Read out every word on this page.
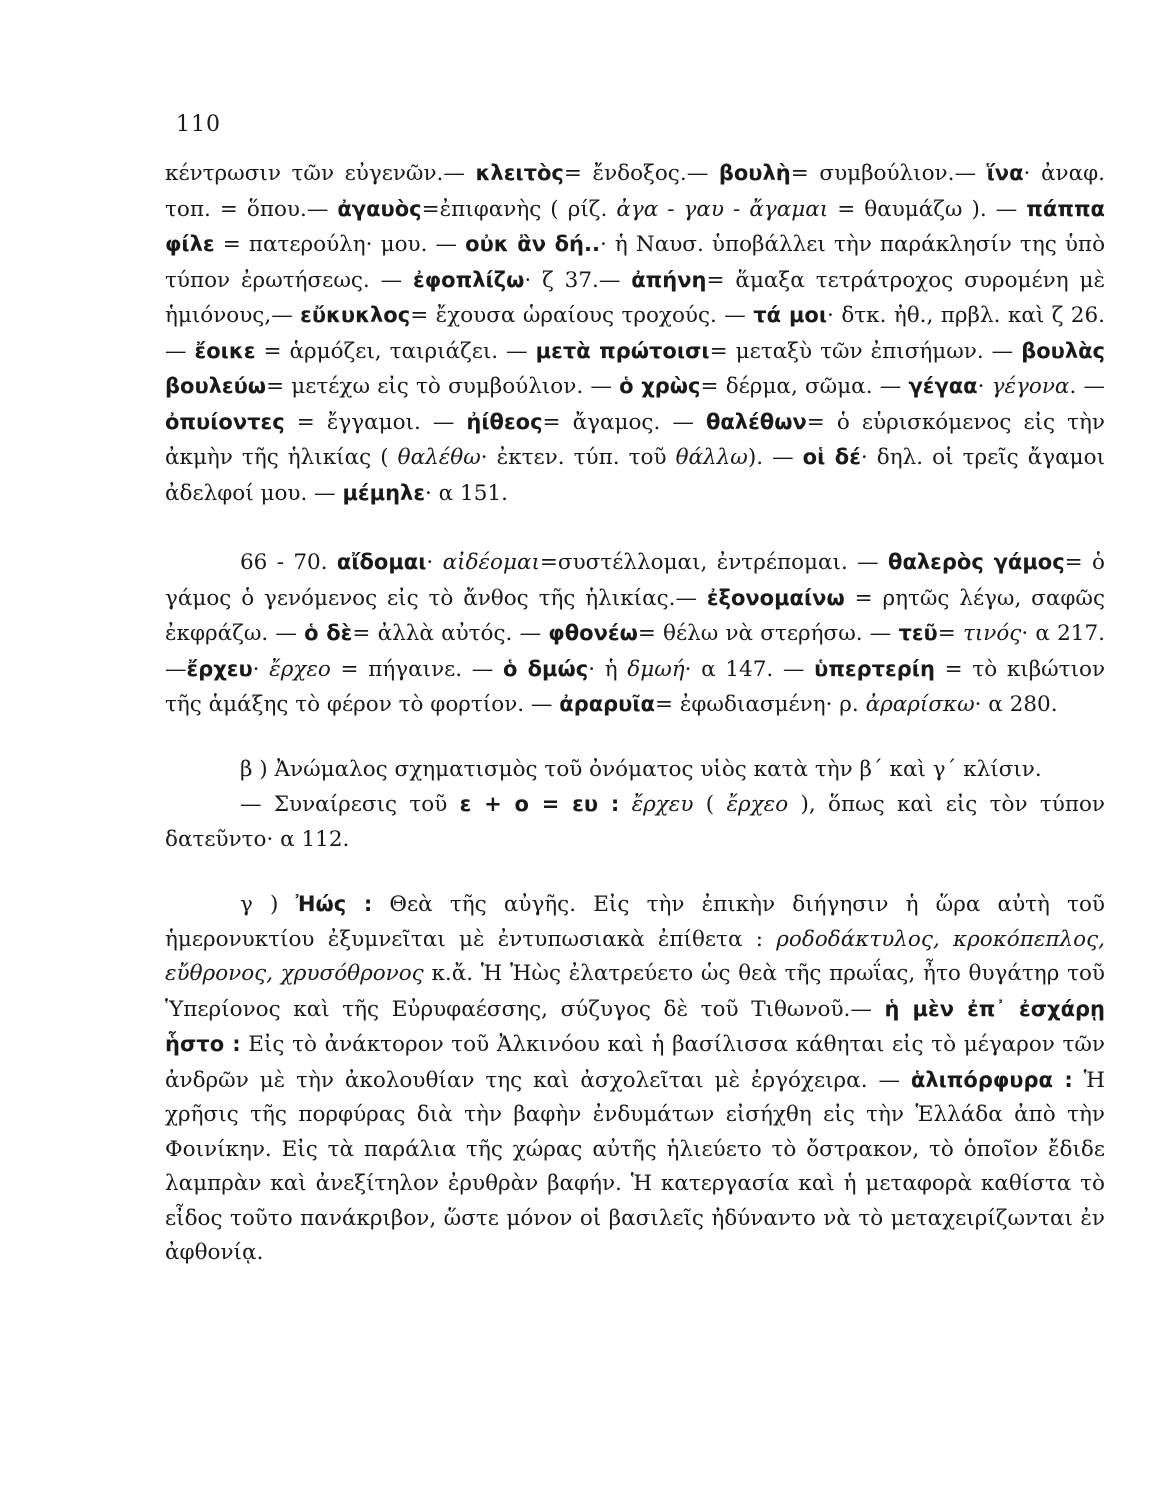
110

κέντρωσιν τῶν εὐγενῶν.— κλειτὸς= ἔνδοξος.— βουλὴ= συμβούλιον.— ἵνα· ἀναφ. τοπ. = ὅπου.— ἀγαυὸς=ἐπιφανὴς ( ρίζ. ἀγα - γαυ - ἄγαμαι = θαυμάζω ). — πάππα φίλε = πατερούλη· μου. — οὐκ ἂν δή..· ἡ Ναυσ. ὑποβάλλει τὴν παράκλησίν της ὑπὸ τύπον ἐρωτήσεως. — ἐφοπλίζω· ζ 37.— ἀπήνη= ἅμαξα τετράτροχος συρομένη μὲ ἡμιόνους,— εὔκυκλος= ἔχουσα ὡραίους τροχούς. — τά μοι· δτκ. ἠθ., πρβλ. καὶ ζ 26.— ἔοικε = ἁρμόζει, ταιριάζει. — μετὰ πρώτοισι= μεταξὺ τῶν ἐπισήμων. — βουλὰς βουλεύω= μετέχω εἰς τὸ συμβούλιον. — ὁ χρὼς= δέρμα, σῶμα. — γέγαα· γέγονα. — ὀπυίοντες = ἔγγαμοι. — ἠίθεος= ἄγαμος. — θαλέθων= ὁ εὑρισκόμενος εἰς τὴν ἀκμὴν τῆς ἡλικίας ( θαλέθω· ἐκτεν. τύπ. τοῦ θάλλω). — οἱ δέ· δηλ. οἱ τρεῖς ἄγαμοι ἀδελφοί μου. — μέμηλε· α 151.

66 - 70. αἴδομαι· αἰδέομαι=συστέλλομαι, ἐντρέπομαι. — θαλερὸς γάμος= ὁ γάμος ὁ γενόμενος εἰς τὸ ἄνθος τῆς ἡλικίας.— ἐξονομαίνω = ρητῶς λέγω, σαφῶς ἐκφράζω. — ὁ δὲ= ἀλλὰ αὐτός. — φθονέω= θέλω νὰ στερήσω. — τεῦ= τινός· α 217. —ἔρχευ· ἔρχεο = πήγαινε. — ὁ δμώς· ἡ δμωή· α 147. — ὑπερτερίη = τὸ κιβώτιον τῆς ἁμάξης τὸ φέρον τὸ φορτίον. — ἀραρυῖα= ἐφωδιασμένη· ρ. ἀραρίσκω· α 280.

β ) Ἀνώμαλος σχηματισμὸς τοῦ ὀνόματος υἱὸς κατὰ τὴν β΄ καὶ γ΄ κλίσιν.

— Συναίρεσις τοῦ ε + ο = ευ : ἔρχευ ( ἔρχεο ), ὅπως καὶ εἰς τὸν τύπον δατεῦντο· α 112.

γ ) Ἠώς : Θεὰ τῆς αὐγῆς. Εἰς τὴν ἐπικὴν διήγησιν ἡ ὥρα αὐτὴ τοῦ ἡμερονυκτίου ἐξυμνεῖται μὲ ἐντυπωσιακὰ ἐπίθετα : ροδοδάκτυλος, κροκόπεπλος, εὔθρονος, χρυσόθρονος κ.ἄ. Ἡ Ἠὼς ἐλατρεύετο ὡς θεὰ τῆς πρωΐας, ἦτο θυγάτηρ τοῦ Ὑπερίονος καὶ τῆς Εὐρυφαέσσης, σύζυγος δὲ τοῦ Τιθωνοῦ.— ἡ μὲν ἐπ᾽ ἐσχάρῃ ἧστο : Εἰς τὸ ἀνάκτορον τοῦ Ἀλκινόου καὶ ἡ βασίλισσα κάθηται εἰς τὸ μέγαρον τῶν ἀνδρῶν μὲ τὴν ἀκολουθίαν της καὶ ἀσχολεῖται μὲ ἐργόχειρα. — ἁλιπόρφυρα : Ἡ χρῆσις τῆς πορφύρας διὰ τὴν βαφὴν ἐνδυμάτων εἰσήχθη εἰς τὴν Ἑλλάδα ἀπὸ τὴν Φοινίκην. Εἰς τὰ παράλια τῆς χώρας αὐτῆς ἡλιεύετο τὸ ὄστρακον, τὸ ὁποῖον ἔδιδε λαμπρὰν καὶ ἀνεξίτηλον ἐρυθρὰν βαφήν. Ἡ κατεργασία καὶ ἡ μεταφορὰ καθίστα τὸ εἶδος τοῦτο πανάκριβον, ὥστε μόνον οἱ βασιλεῖς ἠδύναντο νὰ τὸ μεταχειρίζωνται ἐν ἀφθονίᾳ.
